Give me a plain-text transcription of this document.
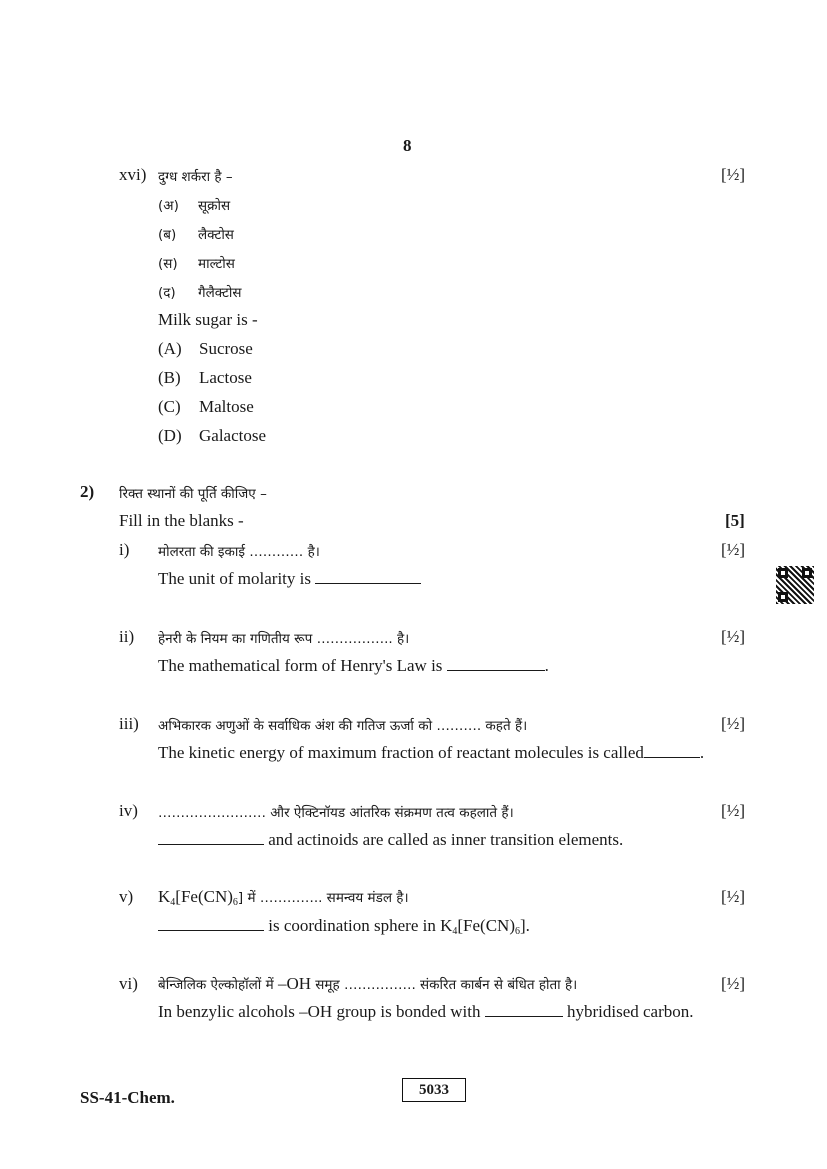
8
xvi) दुग्ध शर्करा है –	[½]
(अ) सूक्रोस
(ब) लैक्टोस
(स) माल्टोस
(द) गैलैक्टोस
Milk sugar is -
(A) Sucrose
(B) Lactose
(C) Maltose
(D) Galactose
2) रिक्त स्थानों की पूर्ति कीजिए –
Fill in the blanks -	[5]
i) मोलरता की इकाई ………… है।	[½]
The unit of molarity is
ii) हेनरी के नियम का गणितीय रूप …………….. है।	[½]
The mathematical form of Henry's Law is	.
iii) अभिकारक अणुओं के सर्वाधिक अंश की गतिज ऊर्जा को ………. कहते हैं।	[½]
The kinetic energy of maximum fraction of reactant molecules is called	.
iv) …………………… और ऐक्टिनॉयड आंतरिक संक्रमण तत्व कहलाते हैं।	[½]
and actinoids are called as inner transition elements.
v) $K_4[Fe(CN)_6]$ में ………….. समन्वय मंडल है।	[½]
is coordination sphere in $K_4[Fe(CN)_6]$.
vi) बेन्जिलिक ऐल्कोहॉलों में –OH समूह ……………. संकरित कार्बन से बंधित होता है।	[½]
In benzylic alcohols –OH group is bonded with	hybridised carbon.
SS-41-Chem.	5033
